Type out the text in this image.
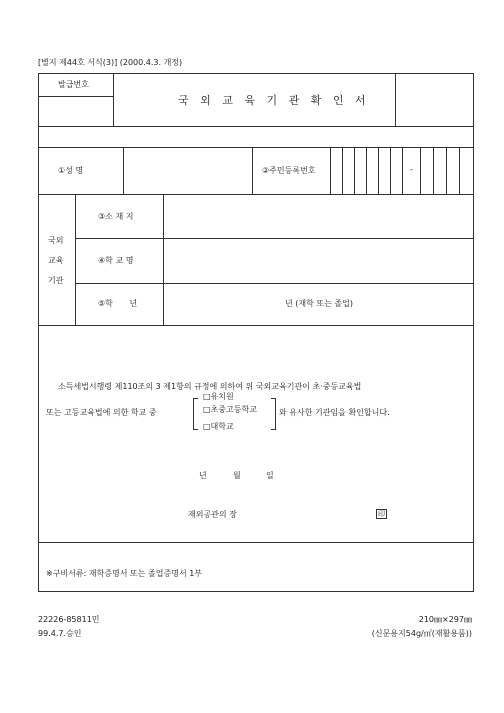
[별지 제44호 서식(3)] (2000.4.3. 개정)
발급번호
국 외 교 육 기 관 확 인 서
①성 명	②주민등록번호	-
국외
교육
기관
③소 재 지
④학 교 명
⑤학 년	년 (재학 또는 졸업)
소득세법시행령 제110조의 3 제1항의 규정에 의하여 위 국외교육기관이 초·중등교육법
또는 고등교육법에 의한 학교 중
□유치원
□초중고등학교
□대학교
와 유사한 기관임을 확인합니다.
년	월	일
재외공관의 장	印
※구비서류: 재학증명서 또는 졸업증명서 1부
22226-85811민
99.4.7.승인
210㎜×297㎜
(신문용지54g/㎡(재활용품))
